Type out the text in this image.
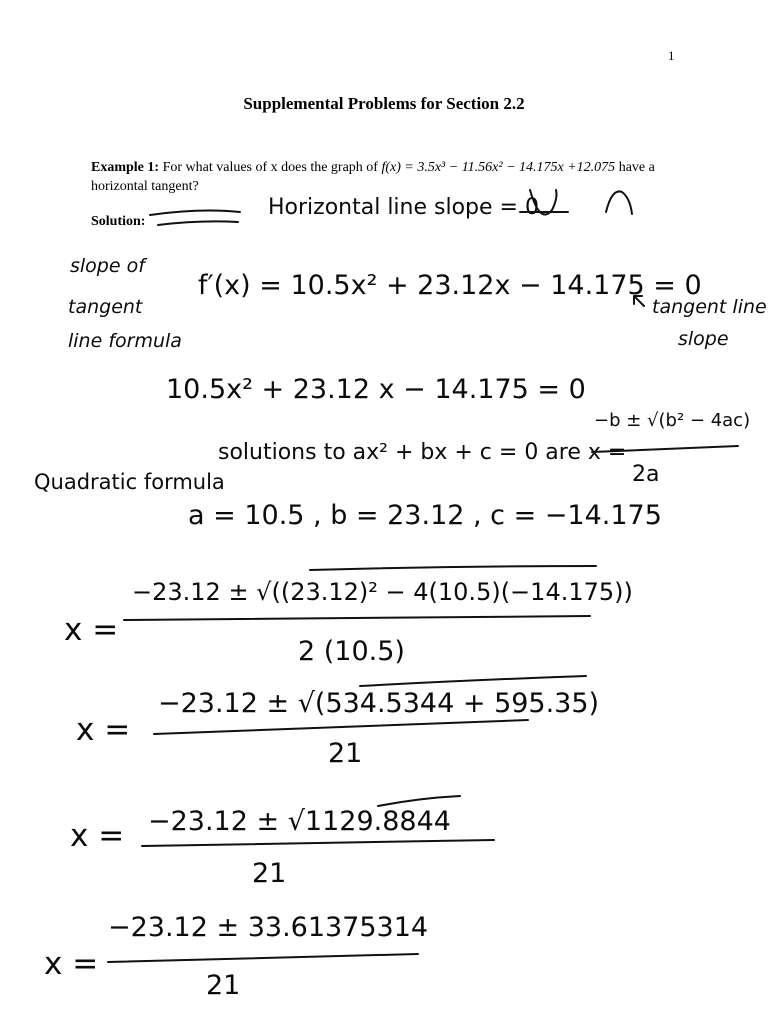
1
Supplemental Problems for Section 2.2
Example 1: For what values of x does the graph of f(x) = 3.5x³ − 11.56x² − 14.175x +12.075 have a horizontal tangent?
Solution:
Horizontal line slope = 0
slope of
tangent
line formula
f′(x) = 10.5x² + 23.12x − 14.175 = 0
tangent line
slope
10.5x² + 23.12 x − 14.175 = 0
Quadratic formula
solutions to ax² + bx + c = 0 are x =
−b ± √(b² − 4ac)
2a
a = 10.5 , b = 23.12 , c = −14.175
x =
−23.12 ± √((23.12)² − 4(10.5)(−14.175))
2 (10.5)
x =
−23.12 ± √(534.5344 + 595.35)
21
x = −23.12 ± √1129.8844
21
x =
−23.12 ± 33.61375314
21
